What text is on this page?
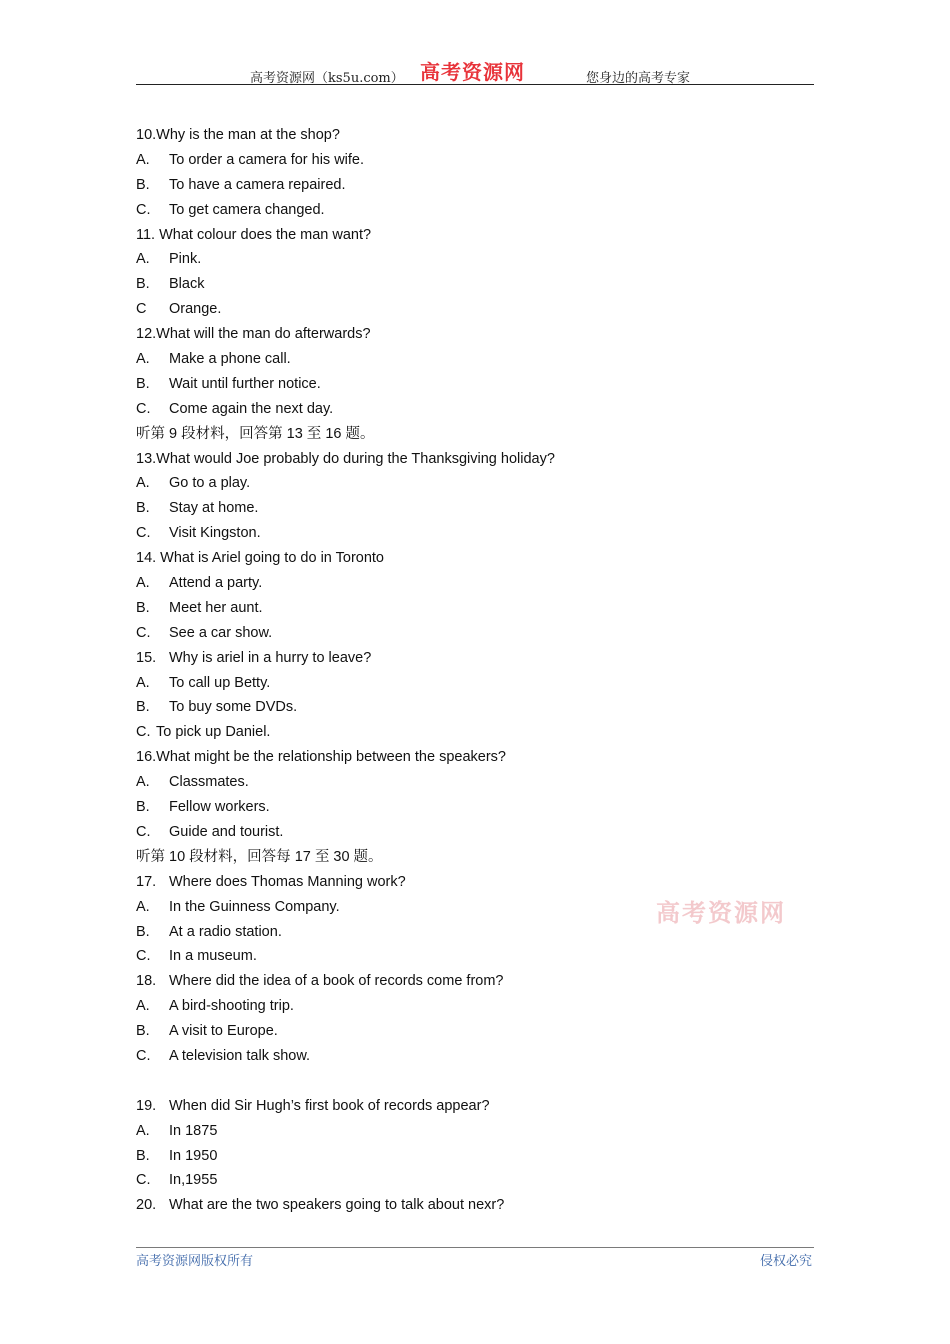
高考资源网（ks5u.com） 高考资源网	您身边的高考专家
10.Why is the man at the shop?
A. To order a camera for his wife.
B. To have a camera repaired.
C. To get camera changed.
11. What colour does the man want?
A. Pink.
B. Black
C Orange.
12.What will the man do afterwards?
A. Make a phone call.
B. Wait until further notice.
C. Come again the next day.
听第 9 段材料，回答第 13 至 16 题。
13.What would Joe probably do during the Thanksgiving holiday?
A. Go to a play.
B. Stay at home.
C. Visit Kingston.
14. What is Ariel going to do in Toronto
A. Attend a party.
B. Meet her aunt.
C. See a car show.
15. Why is ariel in a hurry to leave?
A. To call up Betty.
B. To buy some DVDs.
C. To pick up Daniel.
16.What might be the relationship between the speakers?
A. Classmates.
B. Fellow workers.
C. Guide and tourist.
听第 10 段材料，回答每 17 至 30 题。
17. Where does Thomas Manning work?
A. In the Guinness Company.
B. At a radio station.
C. In a museum.
18. Where did the idea of a book of records come from?
A. A bird-shooting trip.
B. A visit to Europe.
C. A television talk show.
19. When did Sir Hugh’s first book of records appear?
A. In 1875
B. In 1950
C. In,1955
20. What are the two speakers going to talk about nexr?
高考资源网
高考资源网版权所有	侵权必究
